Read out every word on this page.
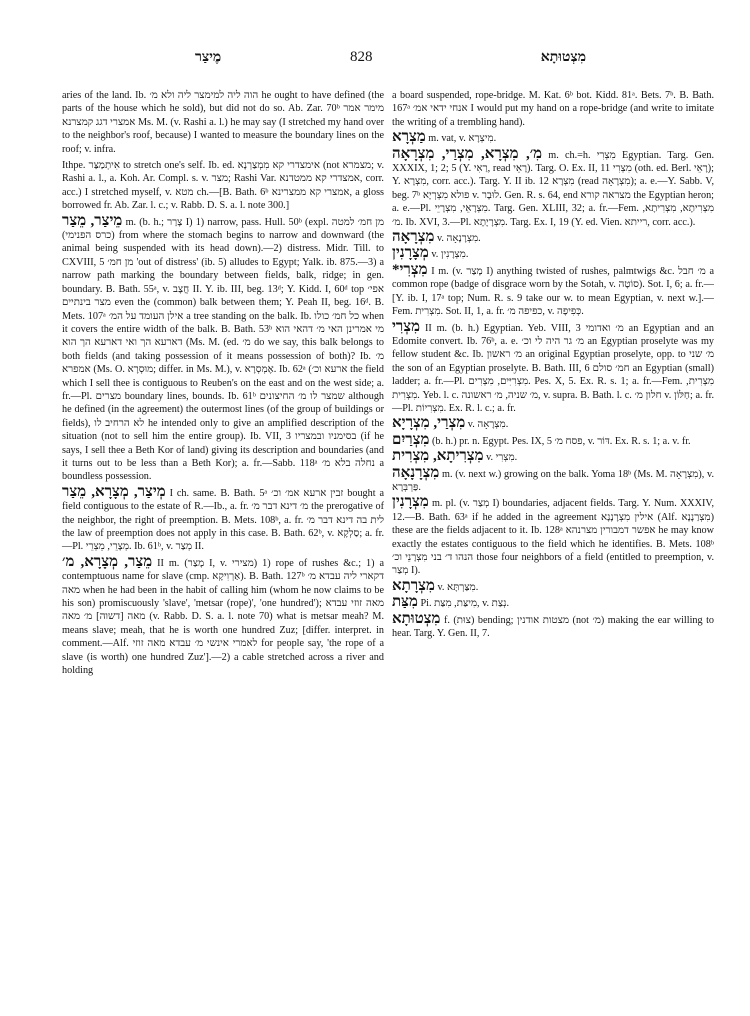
מֶיצַר	828	מִצְטוּתָא

aries of the land. Ib. הוה ליה למימצר ליה ולא מ׳ he ought to have defined (the parts of the house which he sold), but did not do so. Ab. Zar. 70ᵇ מימר אמר אמצרי דגג קמצרנא Ms. M. (v. Rashi a. l.) he may say (I stretched my hand over to the neighbor's roof, because) I wanted to measure the boundary lines on the roof; v. infra.

Ithpe. אִיתְמַצַּר to stretch one's self. Ib. ed. אימצדרי קא מִמְצַרְנָא (not מצמרא; v. Rashi a. l., a. Koh. Ar. Compl. s. v. מצר; Rashi Var. אמצדרי קא ממטדנא, corr. acc.) I stretched myself, v. מטא ch.—[B. Bath. 6ᵇ אמצרי קא ממצרינא, a gloss borrowed fr. Ab. Zar. l. c.; v. Rabb. D. S. a. l. note 300.]

מֵיצַר, מֵצַר m. (b. h.; צָרַר I) 1) narrow, pass. Hull. 50ᵇ (expl. מן חמ׳ למטה (כרס הפנימי) from where the stomach begins to narrow and downward (the animal being suspended with its head down).—2) distress. Midr. Till. to CXVIII, 5 מן חמ׳ 'out of distress' (ib. 5) alludes to Egypt; Yalk. ib. 875.—3) a narrow path marking the boundary between fields, balk, ridge; in gen. boundary. B. Bath. 55ᵃ, v. חֲצָב II. Y. ib. III, beg. 13ᵈ; Y. Kidd. I, 60ᵈ top אפי׳ מצר בינתיים even the (common) balk between them; Y. Peah II, beg. 16ᵈ. B. Mets. 107ᵃ אילן העומד על המ׳ a tree standing on the balk. Ib. כל חמ׳ כולו when it covers the entire width of the balk. B. Bath. 53ᵇ מי אמרינן האי מ׳ דהאי הוא דארעא הך ואי דארעא הך הוא (Ms. M. (ed. מ׳ do we say, this balk belongs to both fields (and taking possession of it means possession of both)? Ib. מ׳ אמפרא (Ms. O. מוּסְרָא; differ. in Ms. M.), v. אֶמְסְרָא. Ib. 62ᵃ (ארעא וכ׳ the field which I sell thee is contiguous to Reuben's on the east and on the west side; a. fr.—Pl. מצרים boundary lines, bounds. Ib. 61ᵇ שמצר לו מ׳ החיצונים although he defined (in the agreement) the outermost lines (of the group of buildings or fields), לא הרחיב לו he intended only to give an amplified description of the situation (not to sell him the entire group). Ib. VII, 3 בסימניו ובמצריו (if he says, I sell thee a Beth Kor of land) giving its description and boundaries (and it turns out to be less than a Beth Kor); a. fr.—Sabb. 118ᵃ נחלה בלא מ׳ a boundless possession.

מְיצַר, מְצָרָא, מֵצַר I ch. same. B. Bath. 5ᵃ זבין ארעא אמ׳ וכ׳ bought a field contiguous to the estate of R.—Ib., a. fr. מ׳ דינא דבר מ׳ the prerogative of the neighbor, the right of preemption. B. Mets. 108ᵇ, a. fr. לית בה דינא דבר מ׳ the law of preemption does not apply in this case. B. Bath. 62ᵇ, v. סַלְקָא; a. fr.—Pl. מְצָרֵי, מֵצְרֵי. Ib. 61ᵇ, v. מְצַר II.

מֵצַר, מְצָרָא, מ׳ II m. (מָצַר I, v. מצירי) 1) rope of rushes &c.; 1) a contemptuous name for slave (cmp. אַרְוִיקָא). B. Bath. 127ᵇ דקארי ליה עבדא מ׳ מאה when he had been in the habit of calling him (whom he now claims to be his son) promiscuously 'slave', 'metsar (rope)', 'one hundred'); מאה זוזי עבדא מאה [דשוה] מ׳ מאה (v. Rabb. D. S. a. l. note 70) what is metsar meah? M. means slave; meah, that he is worth one hundred Zuz; [differ. interpret. in comment.—Alf. לאמרי אינשי מ׳ עבדא מאה זוזי for people say, 'the rope of a slave (is worth) one hundred Zuz'].—2) a cable stretched across a river and holding

a board suspended, rope-bridge. M. Kat. 6ᵇ bot. Kidd. 81ᵃ. Bets. 7ᵇ. B. Bath. 167ᵃ אנחי ידאי אמ׳ I would put my hand on a rope-bridge (and write to imitate the writing of a trembling hand).

מַצְרָא m. vat, v. מִיצְרָא.

מִ׳, מִצְרָא, מִצְרַי, מִצְרָאָה m. ch.=h. מִצְרִי Egyptian. Targ. Gen. XXXIX, 1; 2; 5 (Y. רַאִי, read רָאֵי). Targ. O. Ex. II, 11 מִצְרִי (oth. ed. Berl. רָאֵי); Y. מִצְרָא, corr. acc.). Targ. Y. II ib. 12 מִצְרָא (read מִצְרָאָה); a. e.—Y. Sabb. V, beg. 7ᵇ פולא מִצְרְיָא v. לוּבָר. Gen. R. s. 64, end מצראה קורא the Egyptian heron; a. e.—Pl. מִצְרָאֵי, מִצְרָיֵי. Targ. Gen. XLIII, 32; a. fr.—Fem. מִצְרִיתָא, מִצְרִיתָא, מ׳. Ib. XVI, 3.—Pl. מִצְרָיָתָא. Targ. Ex. I, 19 (Y. ed. Vien. רייתא, corr. acc.).

מִצְרָאָה v. מִצְרָנָאָה.

מְצָרָנִין v. מִצְרָנִין.

*מִצְרִי I m. (v. מָצַר I) anything twisted of rushes, palmtwigs &c. מ׳ חבל a common rope (badge of disgrace worn by the Sotah, v. סוֹטָה). Sot. I, 6; a. fr.—[Y. ib. I, 17ᵃ top; Num. R. s. 9 take our w. to mean Egyptian, v. next w.].—Fem. מִצְרִית. Sot. II, 1, a. fr. כפיפה מ׳, v. כְּפִיפָה.

מִצְרִי II m. (b. h.) Egyptian. Yeb. VIII, 3 מ׳ ואדומי an Egyptian and an Edomite convert. Ib. 76ᵇ, a. e. מ׳ גר היה לי וכ׳ an Egyptian proselyte was my fellow student &c. Ib. מ׳ ראשון an original Egyptian proselyte, opp. to מ׳ שני the son of an Egyptian proselyte. B. Bath. III, 6 חמ׳ סולם an Egyptian (small) ladder; a. fr.—Pl. מִצְרִיִּים, מִצְרִים. Pes. X, 5. Ex. R. s. 1; a. fr.—Fem. מִצְרִית, מִצְרִית. Yeb. l. c. מ׳ שניה, מ׳ ראשונה, v. supra. B. Bath. l. c. חלון מ׳ v. חַלּוֹן; a. fr.—Pl. מִצְרִיוֹת. Ex. R. l. c.; a. fr.

מִצְרַי, מִצְרָיָא v. מִצְרָאָה.

מִצְרַיִם (b. h.) pr. n. Egypt. Pes. IX, 5 פסח מ׳, v. דּוֹר. Ex. R. s. 1; a. v. fr.

מִצְרִיתָא, מִצְרִית v. מִצְרִי.

מִצְרָנָאָה m. (v. next w.) growing on the balk. Yoma 18ᵇ (Ms. M. מִצְרָאָה), v. פַּרְבְּרָא.

מִצְרָנִין m. pl. (v. מְצַר I) boundaries, adjacent fields. Targ. Y. Num. XXXIV, 12.—B. Bath. 63ᵃ if he added in the agreement אילין מִצְרָנָנָא (Alf. מִצְרַנָנָא) these are the fields adjacent to it. Ib. 128ᵃ אפשר דמבורין מצרנהא he may know exactly the estates contiguous to the field which he identifies. B. Mets. 108ᵇ הנהו ד׳ בני מִצְרָנֵי וכ׳ those four neighbors of a field (entitled to preemption, v. מְצַר I).

מִצְרָתָא v. מִצַּרְתָּא.

מִצַּת Pi. מִיצַּת, מִצַּת, v. נְצַת.

מִצְטוּתָא f. (צוּת) bending; מצטות אודנין (not מ׳) making the ear willing to hear. Targ. Y. Gen. II, 7.
